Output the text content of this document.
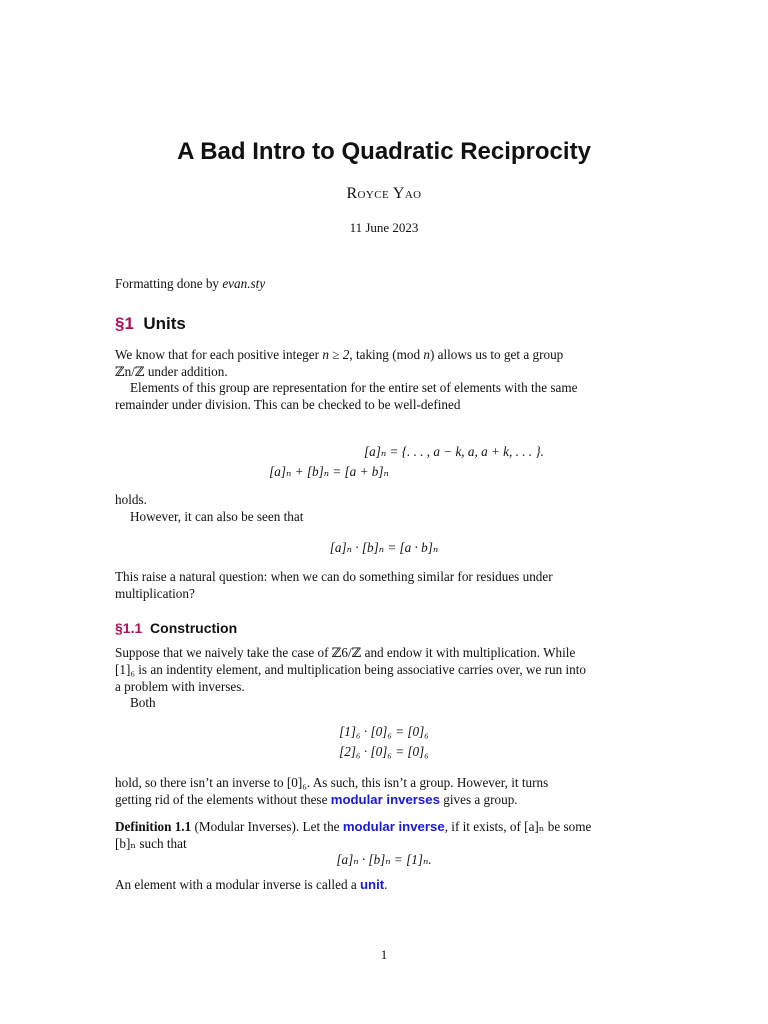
A Bad Intro to Quadratic Reciprocity
Royce Yao
11 June 2023
Formatting done by evan.sty
§1 Units
We know that for each positive integer n ≥ 2, taking (mod n) allows us to get a group
ℤn/ℤ under addition.
Elements of this group are representation for the entire set of elements with the same
remainder under division. This can be checked to be well-defined
[a]ₙ = {. . . , a − k, a, a + k, . . . }.
[a]ₙ + [b]ₙ = [a + b]ₙ
holds.
However, it can also be seen that
[a]ₙ · [b]ₙ = [a · b]ₙ
This raise a natural question: when we can do something similar for residues under
multiplication?
§1.1 Construction
Suppose that we naively take the case of ℤ6/ℤ and endow it with multiplication. While
[1]₆ is an indentity element, and multiplication being associative carries over, we run into
a problem with inverses.
Both
[1]₆ · [0]₆ = [0]₆
[2]₆ · [0]₆ = [0]₆
hold, so there isn’t an inverse to [0]₆. As such, this isn’t a group. However, it turns
getting rid of the elements without these modular inverses gives a group.
Definition 1.1 (Modular Inverses). Let the modular inverse, if it exists, of [a]ₙ be some
[b]ₙ such that
[a]ₙ · [b]ₙ = [1]ₙ.
An element with a modular inverse is called a unit.
1
